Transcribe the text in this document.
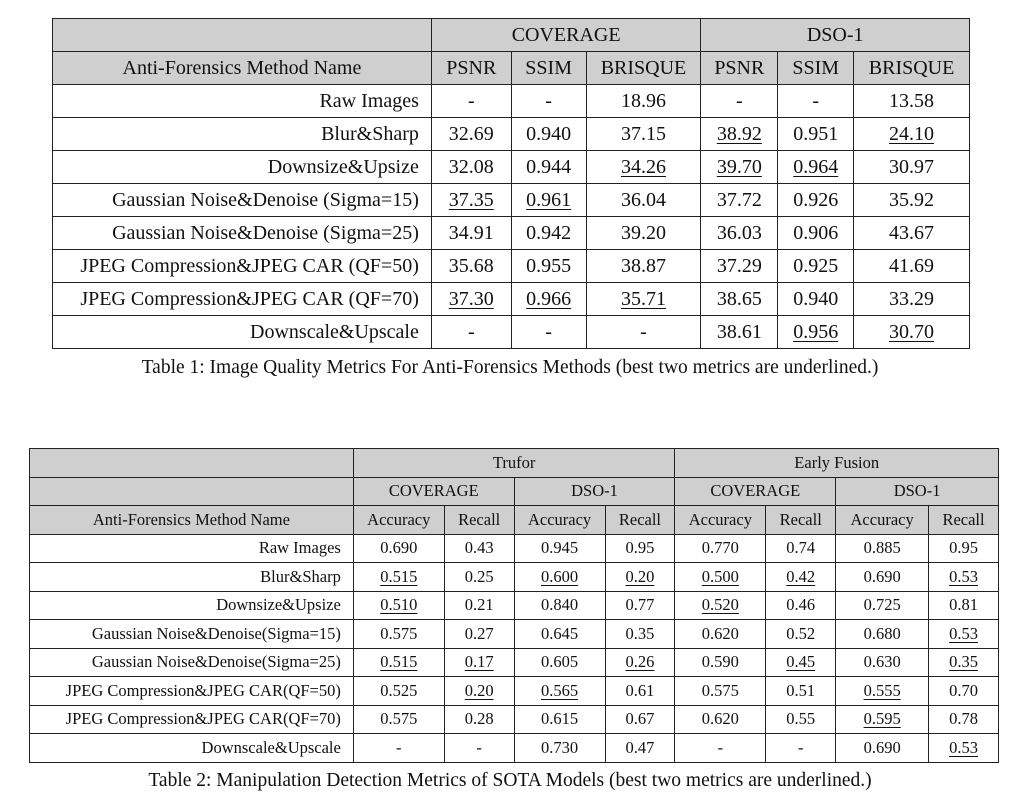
	COVERAGE			DSO-1		
Anti-Forensics Method Name	PSNR	SSIM	BRISQUE	PSNR	SSIM	BRISQUE
Raw Images	-	-	18.96	-	-	13.58
Blur&Sharp	32.69	0.940	37.15	38.92	0.951	24.10
Downsize&Upsize	32.08	0.944	34.26	39.70	0.964	30.97
Gaussian Noise&Denoise (Sigma=15)	37.35	0.961	36.04	37.72	0.926	35.92
Gaussian Noise&Denoise (Sigma=25)	34.91	0.942	39.20	36.03	0.906	43.67
JPEG Compression&JPEG CAR (QF=50)	35.68	0.955	38.87	37.29	0.925	41.69
JPEG Compression&JPEG CAR (QF=70)	37.30	0.966	35.71	38.65	0.940	33.29
Downscale&Upscale	-	-	-	38.61	0.956	30.70
Table 1: Image Quality Metrics For Anti-Forensics Methods (best two metrics are underlined.)
	Trufor				Early Fusion			
	COVERAGE		DSO-1		COVERAGE		DSO-1	
Anti-Forensics Method Name	Accuracy	Recall	Accuracy	Recall	Accuracy	Recall	Accuracy	Recall
Raw Images	0.690	0.43	0.945	0.95	0.770	0.74	0.885	0.95
Blur&Sharp	0.515	0.25	0.600	0.20	0.500	0.42	0.690	0.53
Downsize&Upsize	0.510	0.21	0.840	0.77	0.520	0.46	0.725	0.81
Gaussian Noise&Denoise(Sigma=15)	0.575	0.27	0.645	0.35	0.620	0.52	0.680	0.53
Gaussian Noise&Denoise(Sigma=25)	0.515	0.17	0.605	0.26	0.590	0.45	0.630	0.35
JPEG Compression&JPEG CAR(QF=50)	0.525	0.20	0.565	0.61	0.575	0.51	0.555	0.70
JPEG Compression&JPEG CAR(QF=70)	0.575	0.28	0.615	0.67	0.620	0.55	0.595	0.78
Downscale&Upscale	-	-	0.730	0.47	-	-	0.690	0.53
Table 2: Manipulation Detection Metrics of SOTA Models (best two metrics are underlined.)
